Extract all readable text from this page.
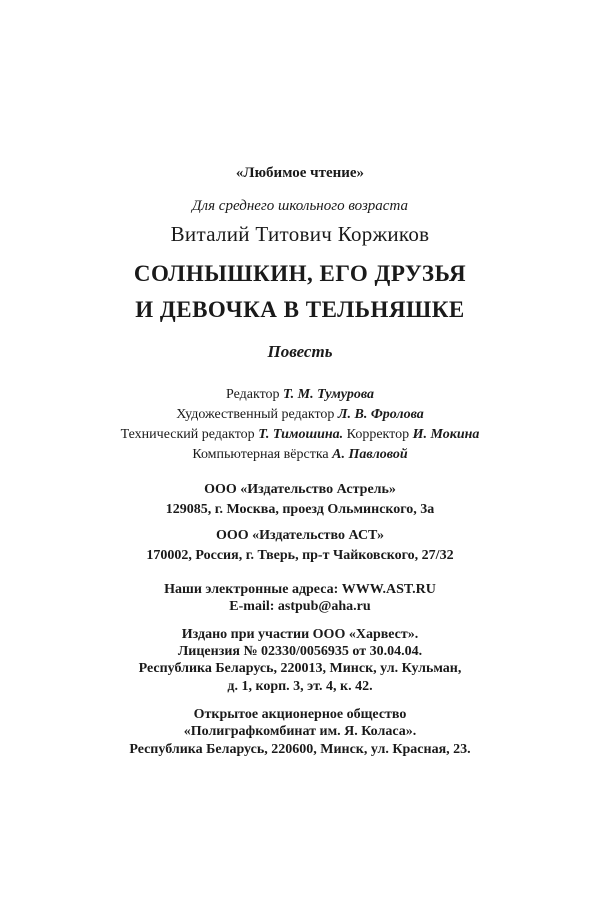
«Любимое чтение»
Для среднего школьного возраста
Виталий Титович Коржиков
СОЛНЫШКИН, ЕГО ДРУЗЬЯ
И ДЕВОЧКА В ТЕЛЬНЯШКЕ
Повесть
Редактор Т. М. Тумурова
Художественный редактор Л. В. Фролова
Технический редактор Т. Тимошина. Корректор И. Мокина
Компьютерная вёрстка А. Павловой
ООО «Издательство Астрель»
129085, г. Москва, проезд Ольминского, 3а
ООО «Издательство АСТ»
170002, Россия, г. Тверь, пр-т Чайковского, 27/32
Наши электронные адреса: WWW.AST.RU
E-mail: astpub@aha.ru
Издано при участии ООО «Харвест».
Лицензия № 02330/0056935 от 30.04.04.
Республика Беларусь, 220013, Минск, ул. Кульман,
д. 1, корп. 3, эт. 4, к. 42.
Открытое акционерное общество
«Полиграфкомбинат им. Я. Коласа».
Республика Беларусь, 220600, Минск, ул. Красная, 23.
